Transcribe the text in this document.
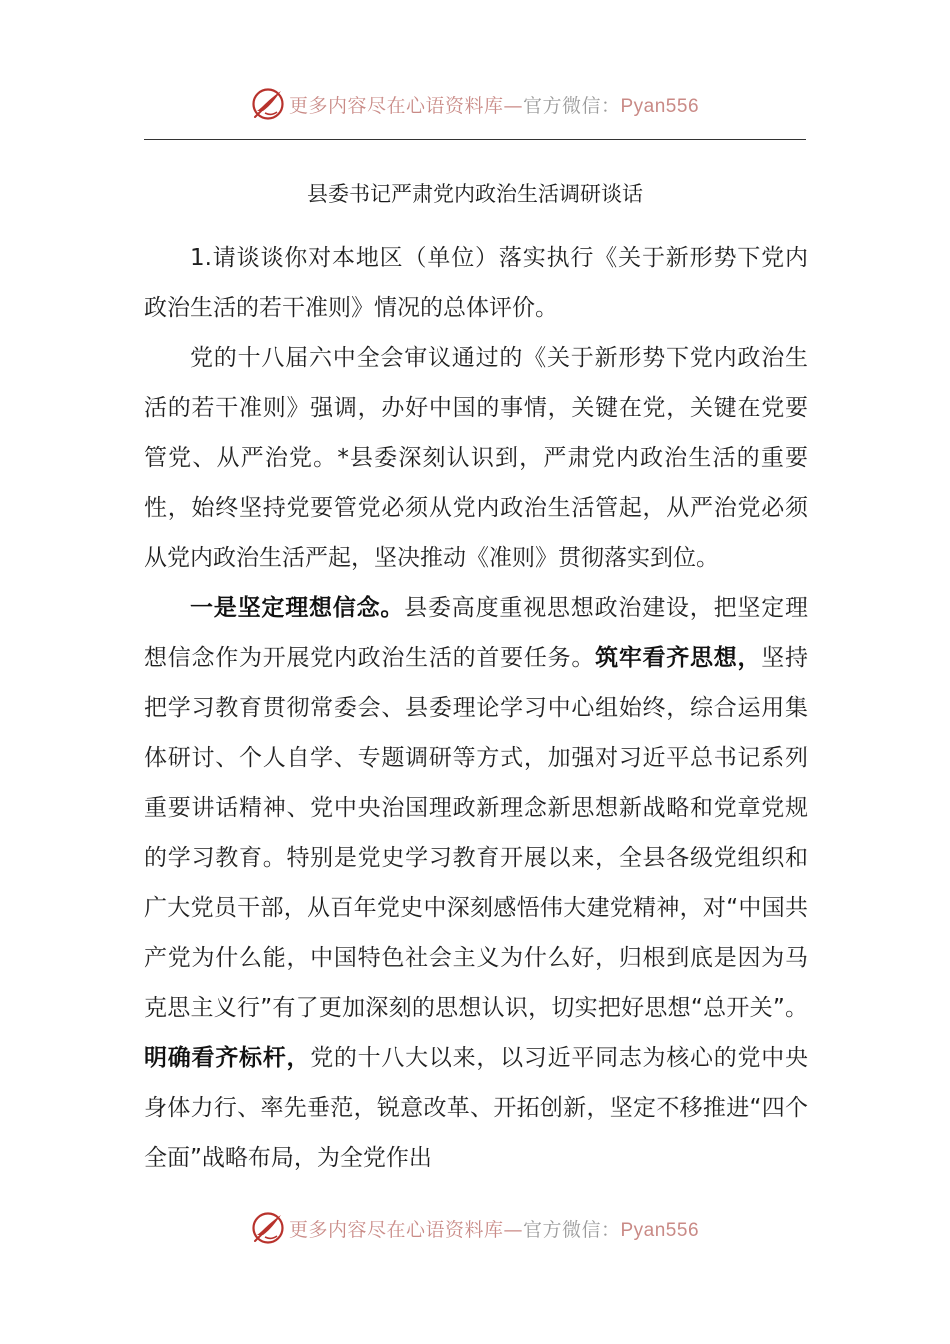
更多内容尽在心语资料库—官方微信：Pyan556
县委书记严肃党内政治生活调研谈话

1.请谈谈你对本地区（单位）落实执行《关于新形势下党内政治生活的若干准则》情况的总体评价。

党的十八届六中全会审议通过的《关于新形势下党内政治生活的若干准则》强调，办好中国的事情，关键在党，关键在党要管党、从严治党。*县委深刻认识到，严肃党内政治生活的重要性，始终坚持党要管党必须从党内政治生活管起，从严治党必须从党内政治生活严起，坚决推动《准则》贯彻落实到位。

一是坚定理想信念。县委高度重视思想政治建设，把坚定理想信念作为开展党内政治生活的首要任务。筑牢看齐思想，坚持把学习教育贯彻常委会、县委理论学习中心组始终，综合运用集体研讨、个人自学、专题调研等方式，加强对习近平总书记系列重要讲话精神、党中央治国理政新理念新思想新战略和党章党规的学习教育。特别是党史学习教育开展以来，全县各级党组织和广大党员干部，从百年党史中深刻感悟伟大建党精神，对“中国共产党为什么能，中国特色社会主义为什么好，归根到底是因为马克思主义行”有了更加深刻的思想认识，切实把好思想“总开关”。明确看齐标杆，党的十八大以来，以习近平同志为核心的党中央身体力行、率先垂范，锐意改革、开拓创新，坚定不移推进“四个全面”战略布局，为全党作出

更多内容尽在心语资料库—官方微信：Pyan556
